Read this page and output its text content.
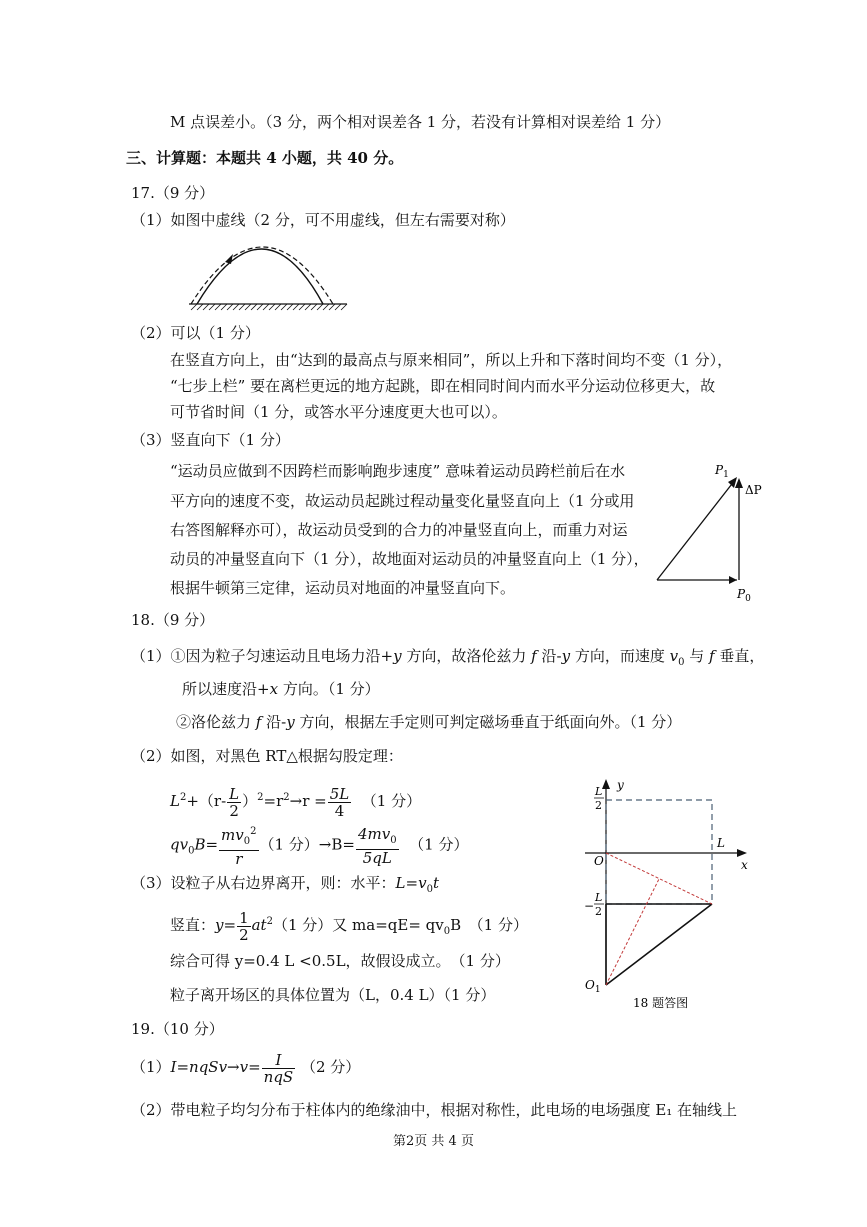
M 点误差小。（3 分，两个相对误差各 1 分，若没有计算相对误差给 1 分）
三、计算题：本题共 4 小题，共 40 分。
17.（9 分）
（1）如图中虚线（2 分，可不用虚线，但左右需要对称）
（2）可以（1 分）
在竖直方向上，由“达到的最高点与原来相同”，所以上升和下落时间均不变（1 分），
“七步上栏” 要在离栏更远的地方起跳，即在相同时间内而水平分运动位移更大，故
可节省时间（1 分，或答水平分速度更大也可以）。
（3）竖直向下（1 分）
“运动员应做到不因跨栏而影响跑步速度” 意味着运动员跨栏前后在水
平方向的速度不变，故运动员起跳过程动量变化量竖直向上（1 分或用
右答图解释亦可），故运动员受到的合力的冲量竖直向上，而重力对运
动员的冲量竖直向下（1 分），故地面对运动员的冲量竖直向上（1 分），
根据牛顿第三定律，运动员对地面的冲量竖直向下。
$P_1$
ΔP
$P_0$
18.（9 分）
（1）①因为粒子匀速运动且电场力沿+y 方向，故洛伦兹力 f 沿-y 方向，而速度 $v_0$ 与 f 垂直，
所以速度沿+x 方向。（1 分）
②洛伦兹力 f 沿-y 方向，根据左手定则可判定磁场垂直于纸面向外。（1 分）
（2）如图，对黑色 RT△根据勾股定理：
$L^2+(r- \frac{L}{2} )^2=r^2\to r = \frac{5L}{4} (1$ 分）
$qv_0B= \frac{mv_0^2}{r} (1$ 分）$\to B= \frac{4mv_0}{5qL} (1$ 分）
（3）设粒子从右边界离开，则：水平：$L=v_0t$
竖直：$y= \frac{1}{2} at^2(1$ 分）又 $ma=qE= qv_0B$　（1 分）
综合可得 y=0.4 L <0.5L，故假设成立。　（1 分）
粒子离开场区的具体位置为（L，0.4 L）（1 分）
y
x
L
O
L
2
−
L
2
$O_1$
18 题答图
19.（10 分）
（1）I=nqSv→v= $\frac{I}{\text{nqS}} (2$ 分）
（2）带电粒子均匀分布于柱体内的绝缘油中，根据对称性，此电场的电场强度 E₁ 在轴线上
第2页 共 4 页
